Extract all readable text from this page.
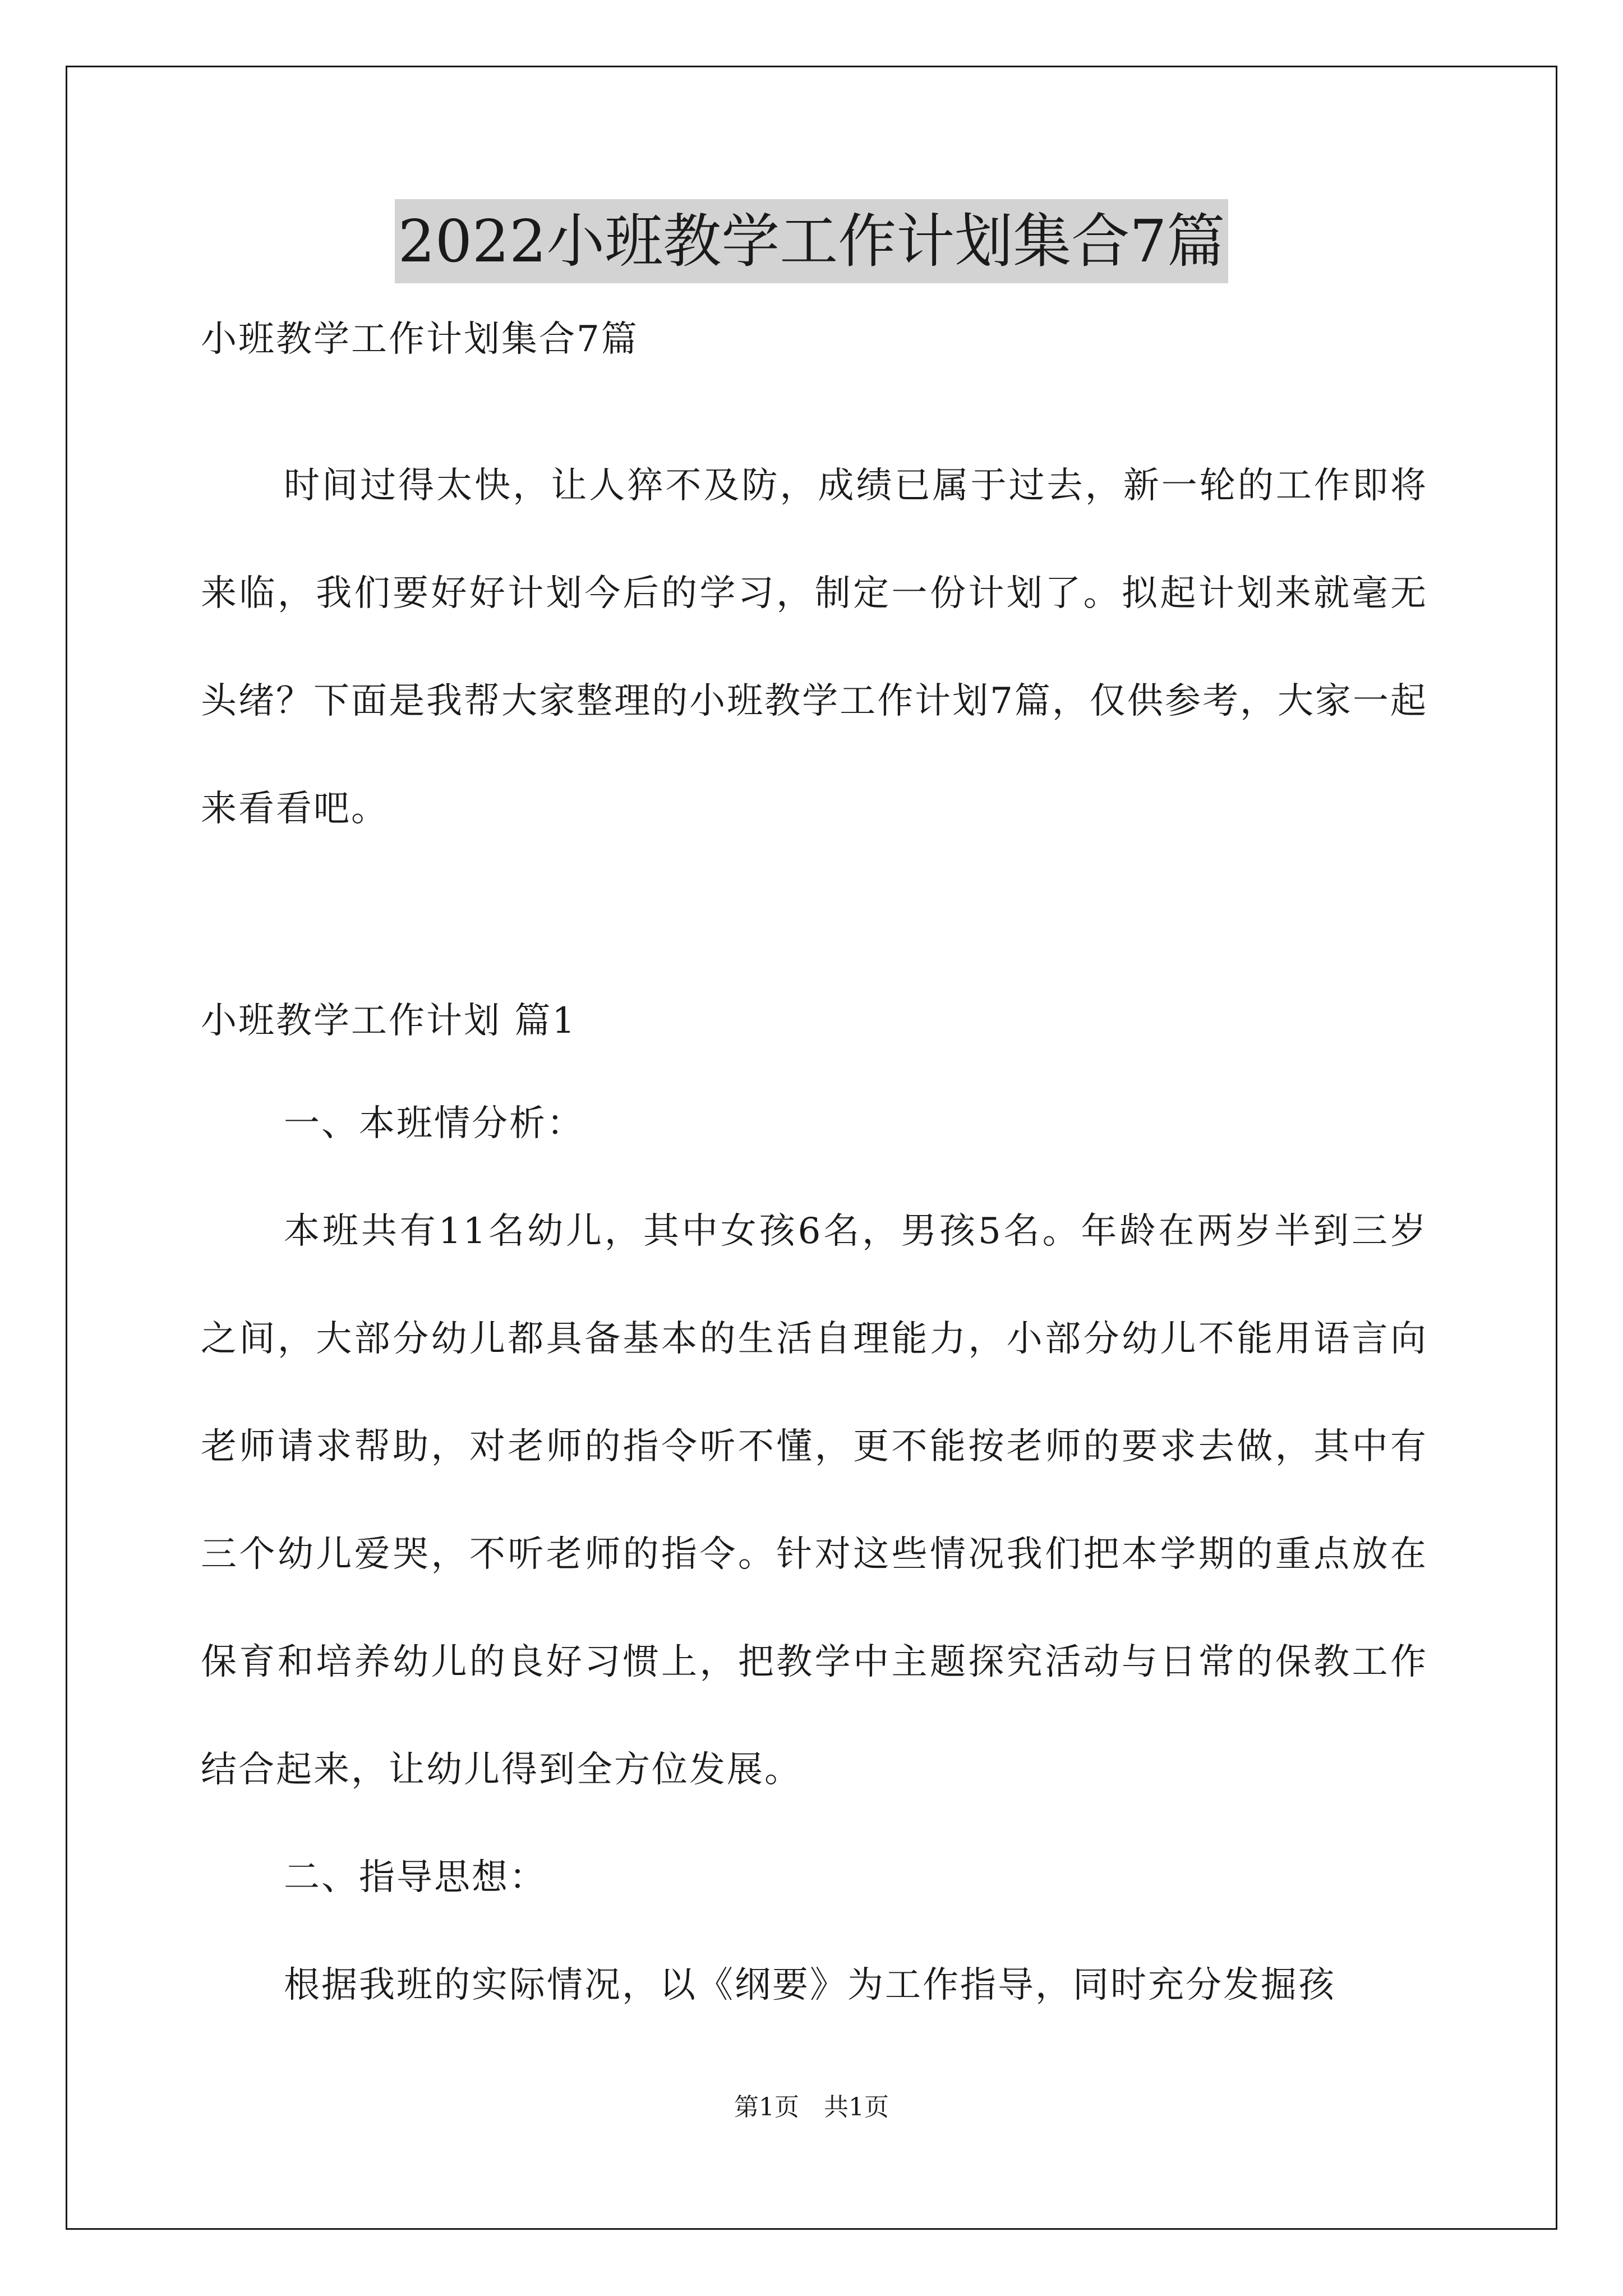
2022小班教学工作计划集合7篇

小班教学工作计划集合7篇

时间过得太快，让人猝不及防，成绩已属于过去，新一轮的工作即将来临，我们要好好计划今后的学习，制定一份计划了。拟起计划来就毫无头绪？下面是我帮大家整理的小班教学工作计划7篇，仅供参考，大家一起来看看吧。

小班教学工作计划 篇1

一、本班情分析：

本班共有11名幼儿，其中女孩6名，男孩5名。年龄在两岁半到三岁之间，大部分幼儿都具备基本的生活自理能力，小部分幼儿不能用语言向老师请求帮助，对老师的指令听不懂，更不能按老师的要求去做，其中有三个幼儿爱哭，不听老师的指令。针对这些情况我们把本学期的重点放在保育和培养幼儿的良好习惯上，把教学中主题探究活动与日常的保教工作结合起来，让幼儿得到全方位发展。

二、指导思想：

根据我班的实际情况，以《纲要》为工作指导，同时充分发掘孩

第1页　共1页
